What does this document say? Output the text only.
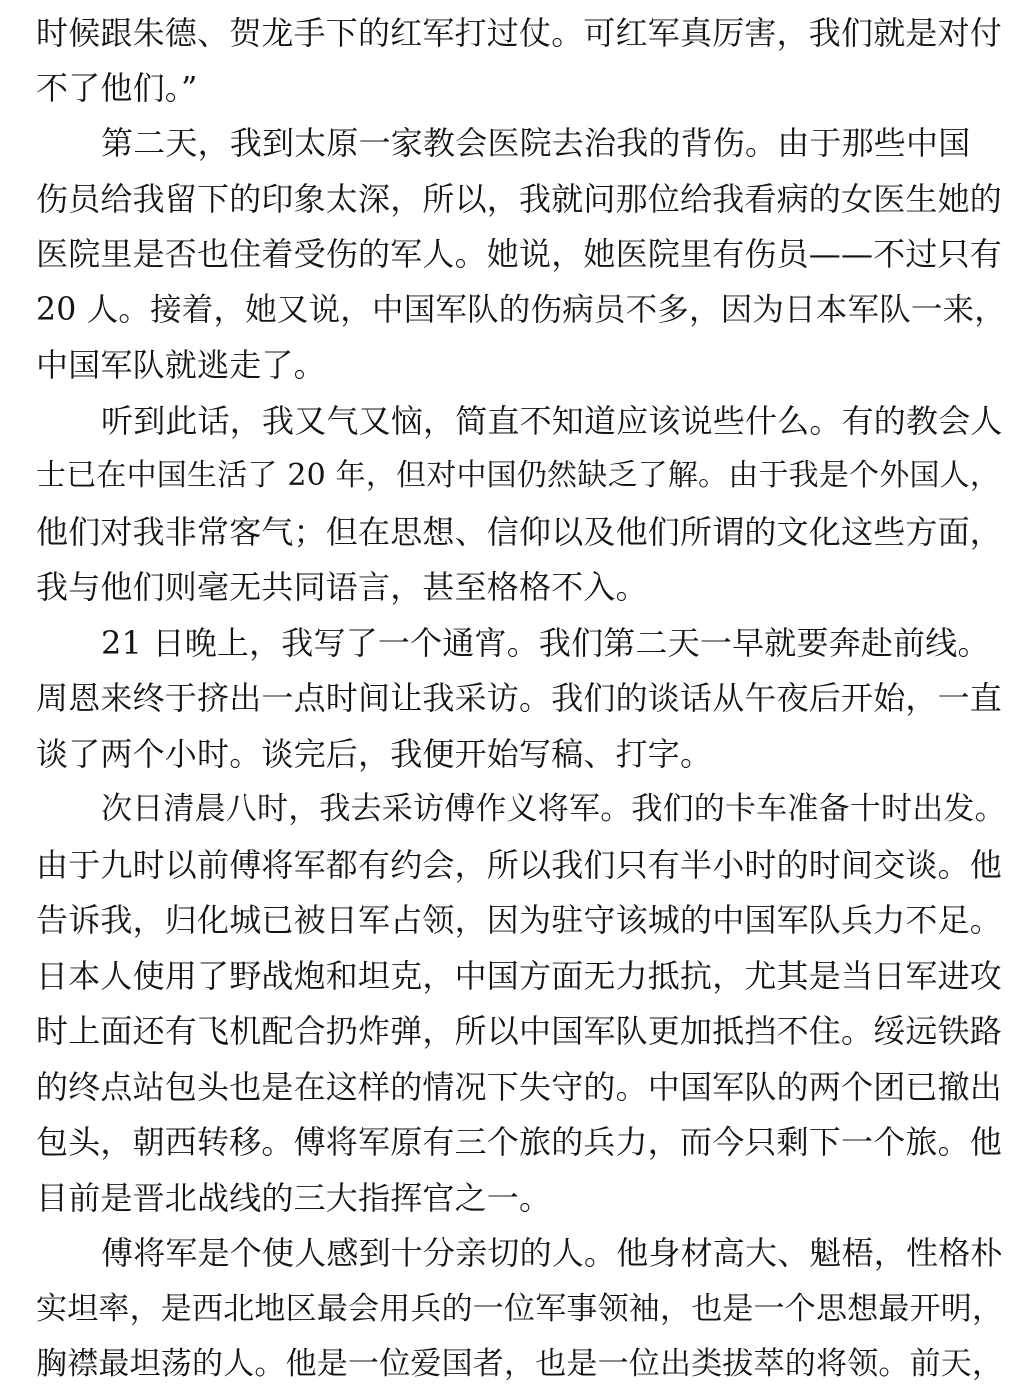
时候跟朱德、贺龙手下的红军打过仗。可红军真厉害，我们就是对付
不了他们。”
第二天，我到太原一家教会医院去治我的背伤。由于那些中国
伤员给我留下的印象太深，所以，我就问那位给我看病的女医生她的
医院里是否也住着受伤的军人。她说，她医院里有伤员——不过只有
20 人。接着，她又说，中国军队的伤病员不多，因为日本军队一来，
中国军队就逃走了。
听到此话，我又气又恼，简直不知道应该说些什么。有的教会人
士已在中国生活了 20 年，但对中国仍然缺乏了解。由于我是个外国人，
他们对我非常客气；但在思想、信仰以及他们所谓的文化这些方面，
我与他们则毫无共同语言，甚至格格不入。
21 日晚上，我写了一个通宵。我们第二天一早就要奔赴前线。
周恩来终于挤出一点时间让我采访。我们的谈话从午夜后开始，一直
谈了两个小时。谈完后，我便开始写稿、打字。
次日清晨八时，我去采访傅作义将军。我们的卡车准备十时出发。
由于九时以前傅将军都有约会，所以我们只有半小时的时间交谈。他
告诉我，归化城已被日军占领，因为驻守该城的中国军队兵力不足。
日本人使用了野战炮和坦克，中国方面无力抵抗，尤其是当日军进攻
时上面还有飞机配合扔炸弹，所以中国军队更加抵挡不住。绥远铁路
的终点站包头也是在这样的情况下失守的。中国军队的两个团已撤出
包头，朝西转移。傅将军原有三个旅的兵力，而今只剩下一个旅。他
目前是晋北战线的三大指挥官之一。
傅将军是个使人感到十分亲切的人。他身材高大、魁梧，性格朴
实坦率，是西北地区最会用兵的一位军事领袖，也是一个思想最开明，
胸襟最坦荡的人。他是一位爱国者，也是一位出类拔萃的将领。前天，
